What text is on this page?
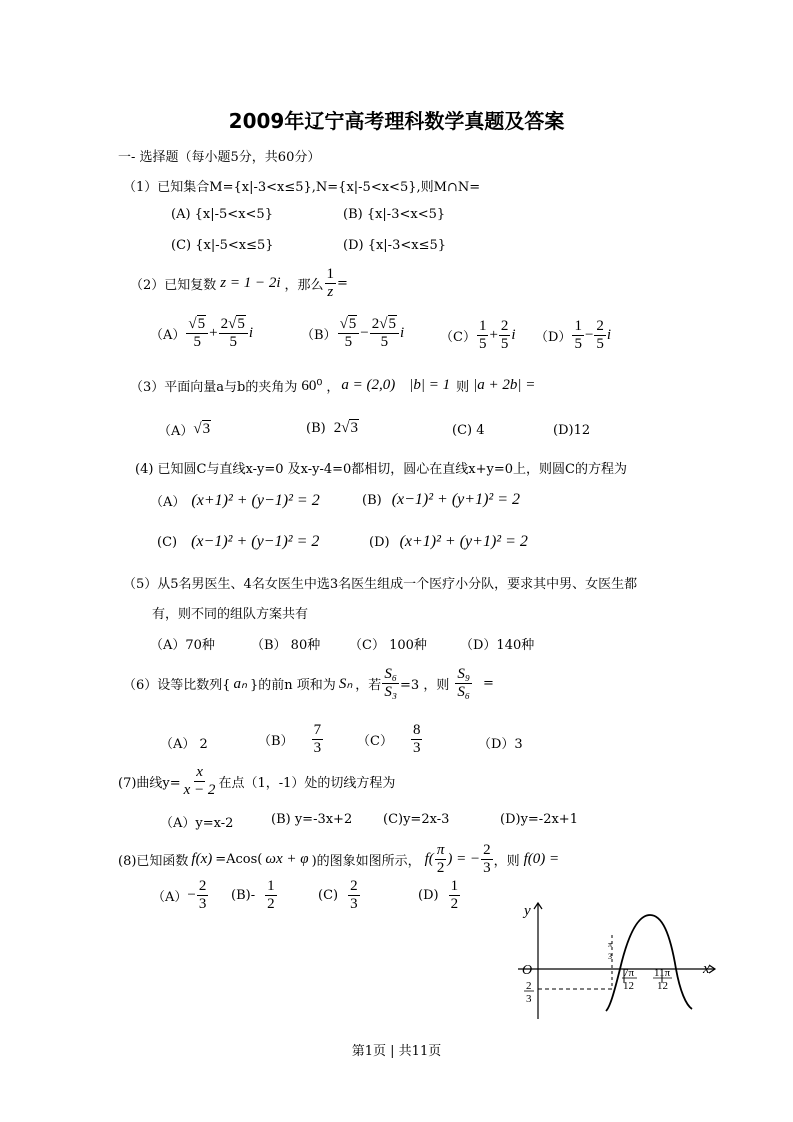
2009年辽宁高考理科数学真题及答案
一- 选择题（每小题5分，共60分）
（1）已知集合M={x|-3<x≤5},N={x|-5<x<5},则M∩N=
(A) {x|-5<x<5}	(B) {x|-3<x<5}
(C) {x|-5<x≤5}	(D) {x|-3<x≤5}
（2）已知复数 z = 1 − 2i ，那么 $\frac{1}{z}$ =
$(A) \frac{√5}{5} + \frac{2√5}{5}$ i	$(B) \frac{√5}{5} - \frac{2√5}{5}$ i	$(C) \frac{1}{5} + \frac{2}{5}$ i $(D) \frac{1}{5} - \frac{2}{5}$ i
（3）平面向量a与b的夹角为 60⁰ ， a = (2,0) |b| = 1 则 |a + 2b| =
（A） √3	(B) 2√3	(C) 4	(D)12
(4) 已知圆C与直线x-y=0 及x-y-4=0都相切，圆心在直线x+y=0上，则圆C的方程为
（A） (x+1)² + (y−1)² = 2	(B) (x−1)² + (y+1)² = 2
(C) (x−1)² + (y−1)² = 2	(D) (x+1)² + (y+1)² = 2
（5）从5名男医生、4名女医生中选3名医生组成一个医疗小分队，要求其中男、女医生都
有，则不同的组队方案共有
（A）70种	（B） 80种 （C） 100种	（D）140种
（6）设等比数列{ aₙ }的前n 项和为 Sₙ ，若 $\frac{\text{S₆}}{\text{S₃}} =3$ ，则 $\frac{\text{S₉}}{\text{S₆}}$ =
（A） 2	$(B) \frac{7}{3}$	$(C) \frac{8}{3}$	（D）3
(7)曲线$y= \frac{x}{x - 2}$ 在点（1，-1）处的切线方程为
（A）y=x-2	(B) y=-3x+2 (C)y=2x-3	(D)y=-2x+1
(8)已知函数 f(x) =Acos( ωx + φ )的图象如图所示， $f( \frac{\pi}{2}$ ) = − $\frac{2}{3}$ ，则 f(0) =
$(A) - \frac{2}{3} (B)- \frac{1}{2}$	$(C) \frac{2}{3}$	$(D) \frac{1}{2}$	y
x
O
π
3
7π
12
11π
12
2
3
第1页 | 共11页
